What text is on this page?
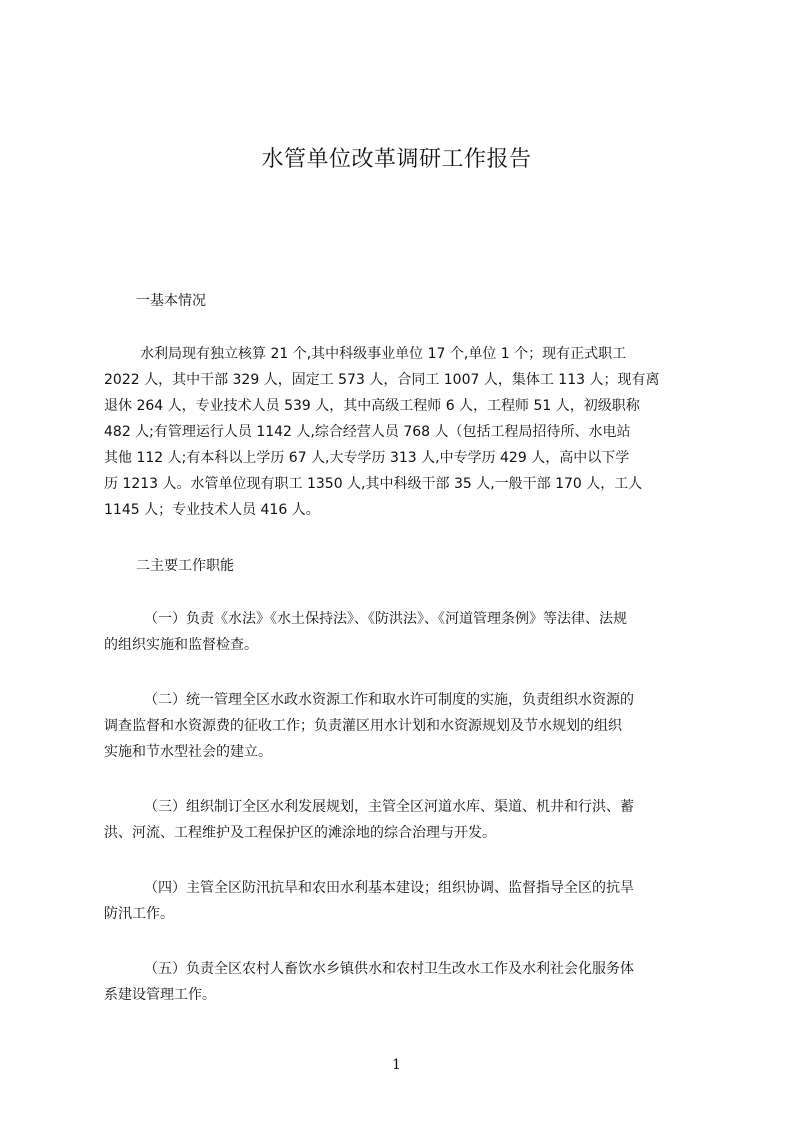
水管单位改革调研工作报告
一基本情况
水利局现有独立核算 21 个,其中科级事业单位 17 个,单位 1 个；现有正式职工
2022 人，其中干部 329 人，固定工 573 人，合同工 1007 人，集体工 113 人；现有离
退休 264 人，专业技术人员 539 人，其中高级工程师 6 人，工程师 51 人，初级职称
482 人;有管理运行人员 1142 人,综合经营人员 768 人（包括工程局招待所、水电站
其他 112 人;有本科以上学历 67 人,大专学历 313 人,中专学历 429 人，高中以下学
历 1213 人。水管单位现有职工 1350 人,其中科级干部 35 人,一般干部 170 人，工人
1145 人；专业技术人员 416 人。
二主要工作职能
（一）负责《水法》《水土保持法》、《防洪法》、《河道管理条例》等法律、法规
的组织实施和监督检查。
（二）统一管理全区水政水资源工作和取水许可制度的实施，负责组织水资源的
调查监督和水资源费的征收工作；负责灌区用水计划和水资源规划及节水规划的组织
实施和节水型社会的建立。
（三）组织制订全区水利发展规划，主管全区河道水库、渠道、机井和行洪、蓄
洪、河流、工程维护及工程保护区的滩涂地的综合治理与开发。
（四）主管全区防汛抗旱和农田水利基本建设；组织协调、监督指导全区的抗旱
防汛工作。
（五）负责全区农村人畜饮水乡镇供水和农村卫生改水工作及水利社会化服务体
系建设管理工作。
1
